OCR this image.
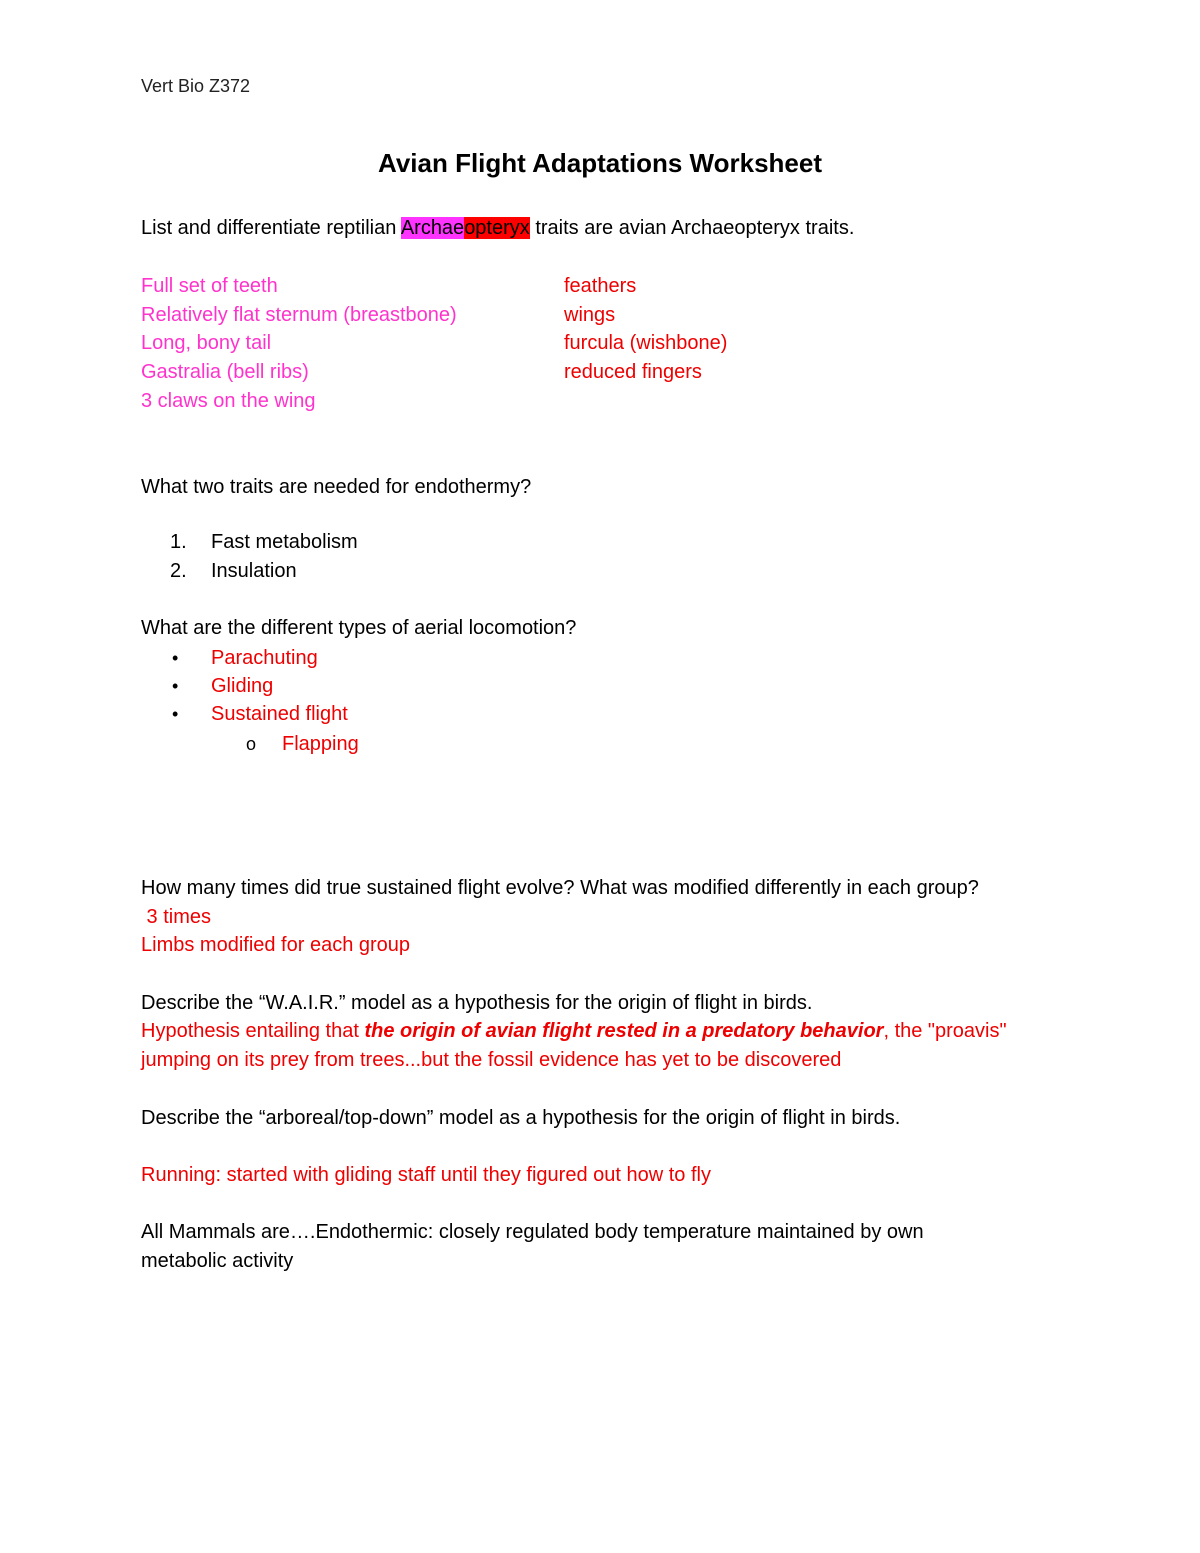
Vert Bio Z372
Avian Flight Adaptations Worksheet
List and differentiate reptilian Archaeopteryx traits are avian Archaeopteryx traits.
Full set of teeth
Relatively flat sternum (breastbone)
Long, bony tail
Gastralia (bell ribs)
3 claws on the wing
feathers
wings
furcula (wishbone)
reduced fingers
What two traits are needed for endothermy?
1. Fast metabolism
2. Insulation
What are the different types of aerial locomotion?
• Parachuting
• Gliding
• Sustained flight
o Flapping
How many times did true sustained flight evolve? What was modified differently in each group?
3 times
Limbs modified for each group
Describe the “W.A.I.R.” model as a hypothesis for the origin of flight in birds.
Hypothesis entailing that the origin of avian flight rested in a predatory behavior, the "proavis"
jumping on its prey from trees...but the fossil evidence has yet to be discovered
Describe the “arboreal/top-down” model as a hypothesis for the origin of flight in birds.
Running: started with gliding staff until they figured out how to fly
All Mammals are….Endothermic: closely regulated body temperature maintained by own
metabolic activity
